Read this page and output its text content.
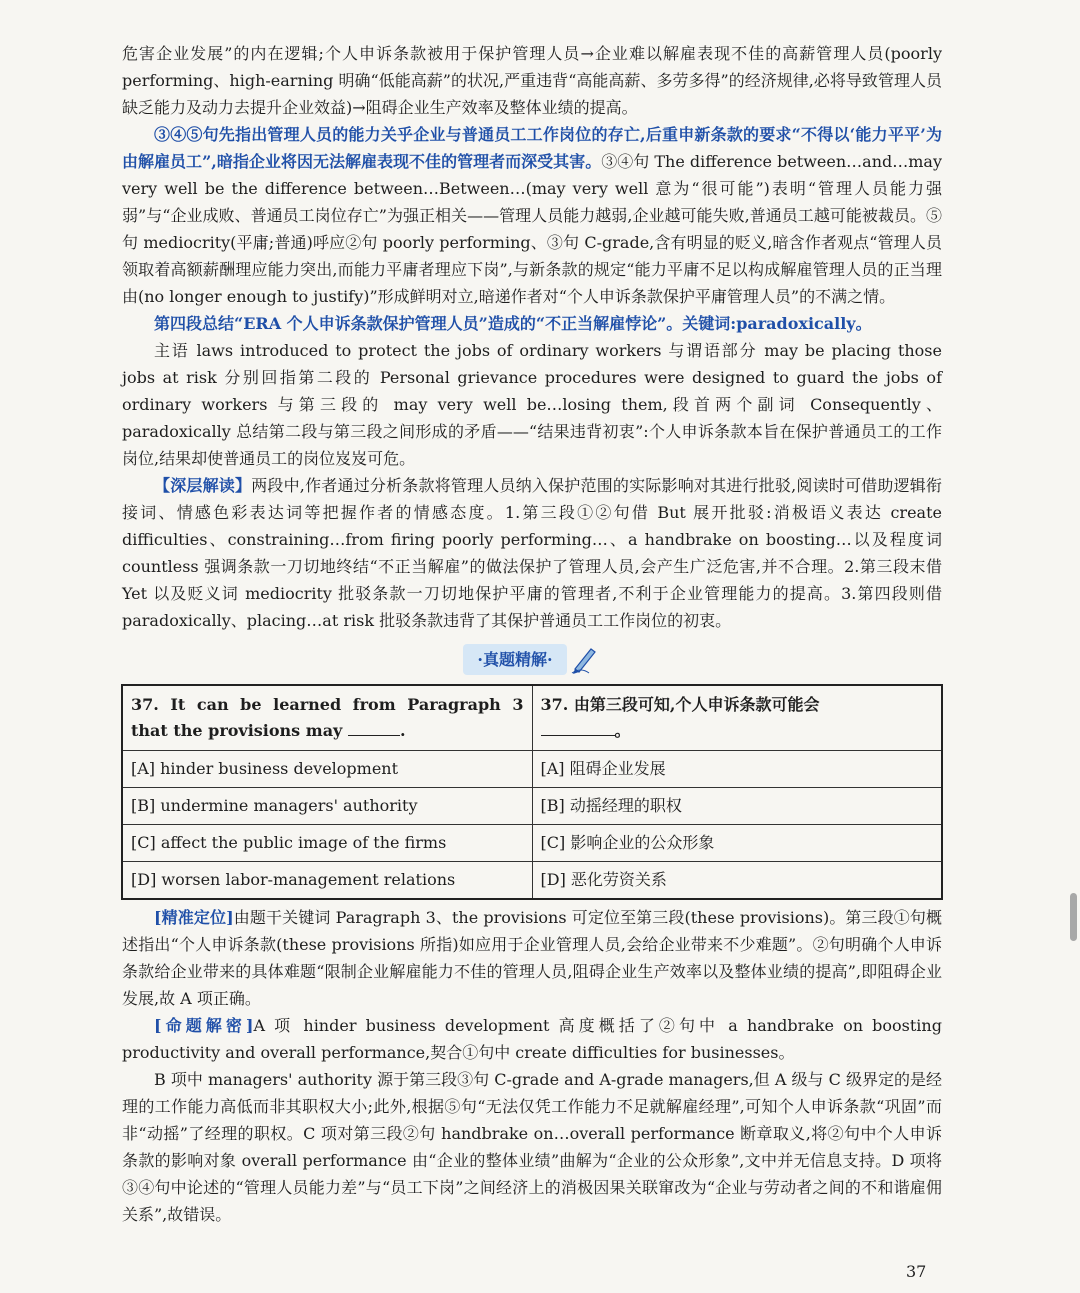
危害企业发展”的内在逻辑;个人申诉条款被用于保护管理人员→企业难以解雇表现不佳的高薪管理人员(poorly performing、high-earning 明确“低能高薪”的状况,严重违背“高能高薪、多劳多得”的经济规律,必将导致管理人员缺乏能力及动力去提升企业效益)→阻碍企业生产效率及整体业绩的提高。

③④⑤句先指出管理人员的能力关乎企业与普通员工工作岗位的存亡,后重申新条款的要求“不得以‘能力平平’为由解雇员工”,暗指企业将因无法解雇表现不佳的管理者而深受其害。③④句 The difference between…and…may very well be the difference between…Between…(may very well 意为“很可能”)表明“管理人员能力强弱”与“企业成败、普通员工岗位存亡”为强正相关——管理人员能力越弱,企业越可能失败,普通员工越可能被裁员。⑤句 mediocrity(平庸;普通)呼应②句 poorly performing、③句 C-grade,含有明显的贬义,暗含作者观点“管理人员领取着高额薪酬理应能力突出,而能力平庸者理应下岗”,与新条款的规定“能力平庸不足以构成解雇管理人员的正当理由(no longer enough to justify)”形成鲜明对立,暗递作者对“个人申诉条款保护平庸管理人员”的不满之情。

第四段总结“ERA 个人申诉条款保护管理人员”造成的“不正当解雇悖论”。关键词:paradoxically。

主语 laws introduced to protect the jobs of ordinary workers 与谓语部分 may be placing those jobs at risk 分别回指第二段的 Personal grievance procedures were designed to guard the jobs of ordinary workers 与第三段的 may very well be…losing them,段首两个副词 Consequently、paradoxically 总结第二段与第三段之间形成的矛盾——“结果违背初衷”:个人申诉条款本旨在保护普通员工的工作岗位,结果却使普通员工的岗位岌岌可危。

【深层解读】两段中,作者通过分析条款将管理人员纳入保护范围的实际影响对其进行批驳,阅读时可借助逻辑衔接词、情感色彩表达词等把握作者的情感态度。1.第三段①②句借 But 展开批驳:消极语义表达 create difficulties、constraining…from firing poorly performing…、a handbrake on boosting…以及程度词 countless 强调条款一刀切地终结“不正当解雇”的做法保护了管理人员,会产生广泛危害,并不合理。2.第三段末借 Yet 以及贬义词 mediocrity 批驳条款一刀切地保护平庸的管理者,不利于企业管理能力的提高。3.第四段则借 paradoxically、placing…at risk 批驳条款违背了其保护普通员工工作岗位的初衷。

·真题精解·
37. It can be learned from Paragraph 3 that the provisions may .	37. 由第三段可知,个人申诉条款可能会
。
[A] hinder business development	[A] 阻碍企业发展
[B] undermine managers' authority	[B] 动摇经理的职权
[C] affect the public image of the firms	[C] 影响企业的公众形象
[D] worsen labor-management relations	[D] 恶化劳资关系

[精准定位]由题干关键词 Paragraph 3、the provisions 可定位至第三段(these provisions)。第三段①句概述指出“个人申诉条款(these provisions 所指)如应用于企业管理人员,会给企业带来不少难题”。②句明确个人申诉条款给企业带来的具体难题“限制企业解雇能力不佳的管理人员,阻碍企业生产效率以及整体业绩的提高”,即阻碍企业发展,故 A 项正确。

[命题解密]A 项 hinder business development 高度概括了②句中 a handbrake on boosting productivity and overall performance,契合①句中 create difficulties for businesses。

B 项中 managers' authority 源于第三段③句 C-grade and A-grade managers,但 A 级与 C 级界定的是经理的工作能力高低而非其职权大小;此外,根据⑤句“无法仅凭工作能力不足就解雇经理”,可知个人申诉条款“巩固”而非“动摇”了经理的职权。C 项对第三段②句 handbrake on…overall performance 断章取义,将②句中个人申诉条款的影响对象 overall performance 由“企业的整体业绩”曲解为“企业的公众形象”,文中并无信息支持。D 项将③④句中论述的“管理人员能力差”与“员工下岗”之间经济上的消极因果关联窜改为“企业与劳动者之间的不和谐雇佣关系”,故错误。

37
